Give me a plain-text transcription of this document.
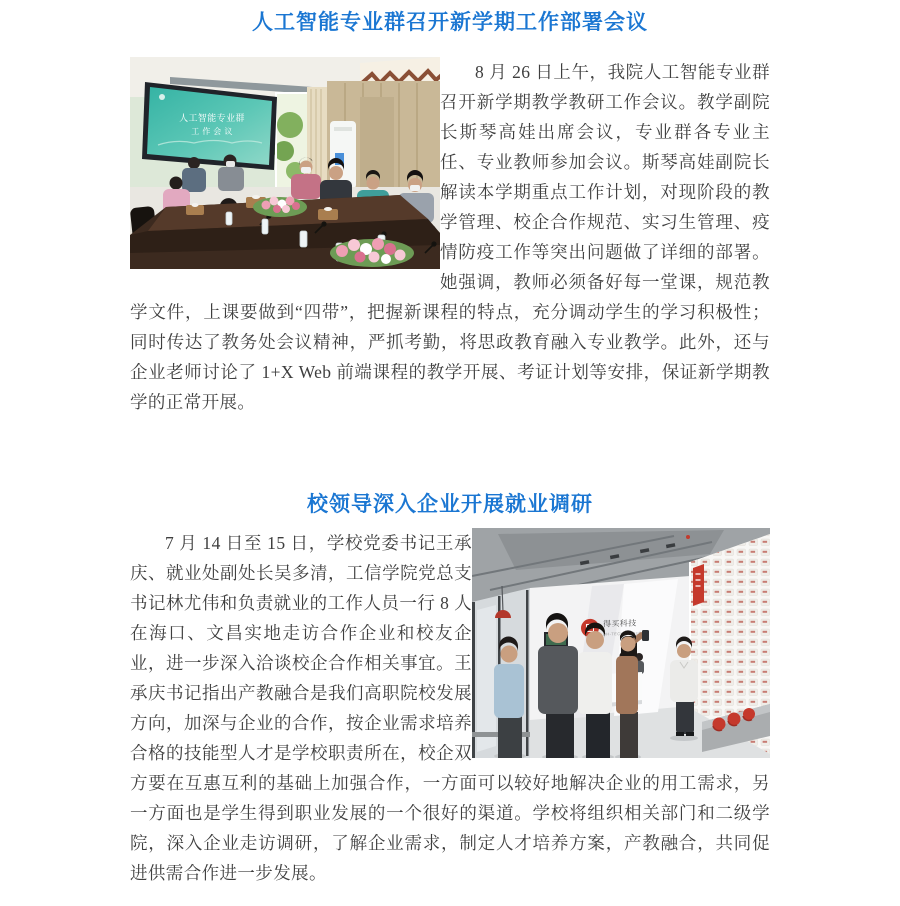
人工智能专业群召开新学期工作部署会议
人工智能专业群
工 作 会 议
8 月 26 日上午，我院人工智能专业群召开新学期教学教研工作会议。教学副院长斯琴高娃出席会议，专业群各专业主任、专业教师参加会议。斯琴高娃副院长解读本学期重点工作计划，对现阶段的教学管理、校企合作规范、实习生管理、疫情防疫工作等突出问题做了详细的部署。她强调，教师必须备好每一堂课，规范教学文件，上课要做到“四带”，把握新课程的特点，充分调动学生的学习积极性；同时传达了教务处会议精神，严抓考勤，将思政教育融入专业教学。此外，还与企业老师讨论了 1+X Web 前端课程的教学开展、考证计划等安排，保证新学期教学的正常开展。
校领导深入企业开展就业调研
得买科技
DH-TECH
7 月 14 日至 15 日，学校党委书记王承庆、就业处副处长吴多清，工信学院党总支书记林尤伟和负责就业的工作人员一行 8 人在海口、文昌实地走访合作企业和校友企业，进一步深入洽谈校企合作相关事宜。王承庆书记指出产教融合是我们高职院校发展方向，加深与企业的合作，按企业需求培养合格的技能型人才是学校职责所在，校企双方要在互惠互利的基础上加强合作，一方面可以较好地解决企业的用工需求，另一方面也是学生得到职业发展的一个很好的渠道。学校将组织相关部门和二级学院，深入企业走访调研，了解企业需求，制定人才培养方案，产教融合，共同促进供需合作进一步发展。
